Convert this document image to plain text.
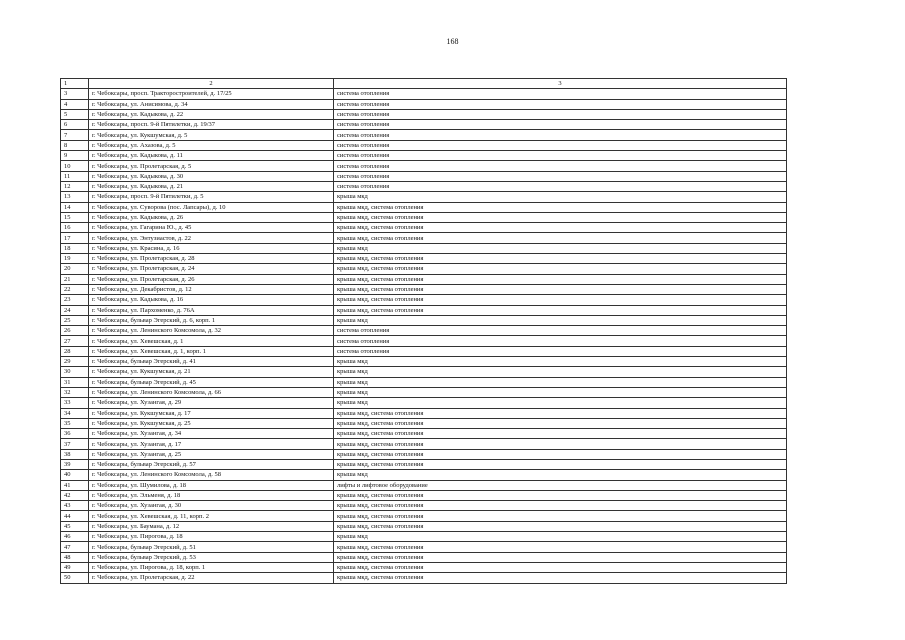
168
1	2	3
3	г. Чебоксары, просп. Тракторостроителей, д. 17/25	система отопления
4	г. Чебоксары, ул. Анисимова, д. 34	система отопления
5	г. Чебоксары, ул. Кадыкова, д. 22	система отопления
6	г. Чебоксары, просп. 9-й Пятилетки, д. 19/37	система отопления
7	г. Чебоксары, ул. Кукшумская, д. 5	система отопления
8	г. Чебоксары, ул. Ахазова, д. 5	система отопления
9	г. Чебоксары, ул. Кадыкова, д. 11	система отопления
10	г. Чебоксары, ул. Пролетарская, д. 5	система отопления
11	г. Чебоксары, ул. Кадыкова, д. 30	система отопления
12	г. Чебоксары, ул. Кадыкова, д. 21	система отопления
13	г. Чебоксары, просп. 9-й Пятилетки, д. 5	крыша мкд
14	г. Чебоксары, ул. Суворова (пос. Лапсары), д. 10	крыша мкд, система отопления
15	г. Чебоксары, ул. Кадыкова, д. 26	крыша мкд, система отопления
16	г. Чебоксары, ул. Гагарина Ю., д. 45	крыша мкд, система отопления
17	г. Чебоксары, ул. Энтузиастов, д. 22	крыша мкд, система отопления
18	г. Чебоксары, ул. Красина, д. 16	крыша мкд
19	г. Чебоксары, ул. Пролетарская, д. 28	крыша мкд, система отопления
20	г. Чебоксары, ул. Пролетарская, д. 24	крыша мкд, система отопления
21	г. Чебоксары, ул. Пролетарская, д. 26	крыша мкд, система отопления
22	г. Чебоксары, ул. Декабристов, д. 12	крыша мкд, система отопления
23	г. Чебоксары, ул. Кадыкова, д. 16	крыша мкд, система отопления
24	г. Чебоксары, ул. Пархоменко, д. 76А	крыша мкд, система отопления
25	г. Чебоксары, бульвар Эгерский, д. 6, корп. 1	крыша мкд
26	г. Чебоксары, ул. Ленинского Комсомола, д. 32	система отопления
27	г. Чебоксары, ул. Хевешская, д. 1	система отопления
28	г. Чебоксары, ул. Хевешская, д. 1, корп. 1	система отопления
29	г. Чебоксары, бульвар Эгерский, д. 41	крыша мкд
30	г. Чебоксары, ул. Кукшумская, д. 21	крыша мкд
31	г. Чебоксары, бульвар Эгерский, д. 45	крыша мкд
32	г. Чебоксары, ул. Ленинского Комсомола, д. 66	крыша мкд
33	г. Чебоксары, ул. Хузангая, д. 29	крыша мкд
34	г. Чебоксары, ул. Кукшумская, д. 17	крыша мкд, система отопления
35	г. Чебоксары, ул. Кукшумская, д. 25	крыша мкд, система отопления
36	г. Чебоксары, ул. Хузангая, д. 34	крыша мкд, система отопления
37	г. Чебоксары, ул. Хузангая, д. 17	крыша мкд, система отопления
38	г. Чебоксары, ул. Хузангая, д. 25	крыша мкд, система отопления
39	г. Чебоксары, бульвар Эгерский, д. 57	крыша мкд, система отопления
40	г. Чебоксары, ул. Ленинского Комсомола, д. 58	крыша мкд
41	г. Чебоксары, ул. Шумилова, д. 18	лифты и лифтовое оборудование
42	г. Чебоксары, ул. Эльменя, д. 18	крыша мкд, система отопления
43	г. Чебоксары, ул. Хузангая, д. 30	крыша мкд, система отопления
44	г. Чебоксары, ул. Хевешская, д. 11, корп. 2	крыша мкд, система отопления
45	г. Чебоксары, ул. Баумана, д. 12	крыша мкд, система отопления
46	г. Чебоксары, ул. Пирогова, д. 18	крыша мкд
47	г. Чебоксары, бульвар Эгерский, д. 51	крыша мкд, система отопления
48	г. Чебоксары, бульвар Эгерский, д. 53	крыша мкд, система отопления
49	г. Чебоксары, ул. Пирогова, д. 18, корп. 1	крыша мкд, система отопления
50	г. Чебоксары, ул. Пролетарская, д. 22	крыша мкд, система отопления
